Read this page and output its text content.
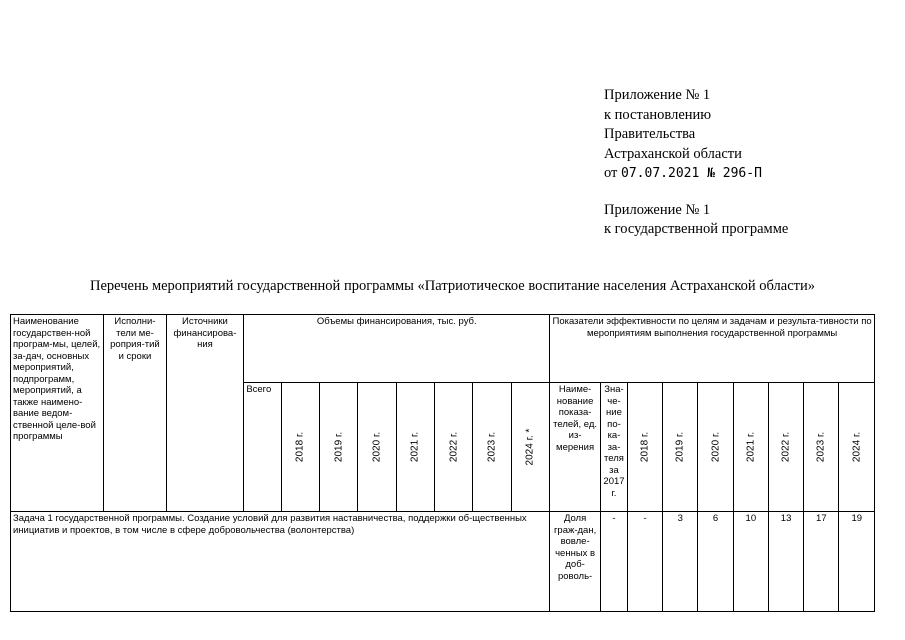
Приложение № 1
к постановлению
Правительства
Астраханской области
от 07.07.2021 № 296-П
Приложение № 1
к государственной программе
Перечень мероприятий государственной программы «Патриотическое воспитание населения Астраханской области»
Наименование государствен-ной програм-мы, целей, за-дач, основных мероприятий, подпрограмм, мероприятий, а также наимено-вание ведом-ственной целе-вой программы	Исполни-тели ме-роприя-тий и сроки	Источники финансирова-ния	Объемы финансирования, тыс. руб.								Показатели эффективности по целям и задачам и результа-тивности по мероприятиям выполнения государственной программы								
			Всего	2018 г.	2019 г.	2020 г.	2021 г.	2022 г.	2023 г.	2024 г. *	Наиме-нование показа-телей, ед. из-мерения	Зна-че-ние по-ка-за-теля за 2017 г.	2018 г.	2019 г.	2020 г.	2021 г.	2022 г.	2023 г.	2024 г.

Задача 1 государственной программы. Создание условий для развития наставничества, поддержки об-щественных инициатив и проектов, в том числе в сфере добровольчества (волонтерства)											Доля граж-дан, вовле-ченных в доб-роволь-	-	-	3	6	10	13	17	19
